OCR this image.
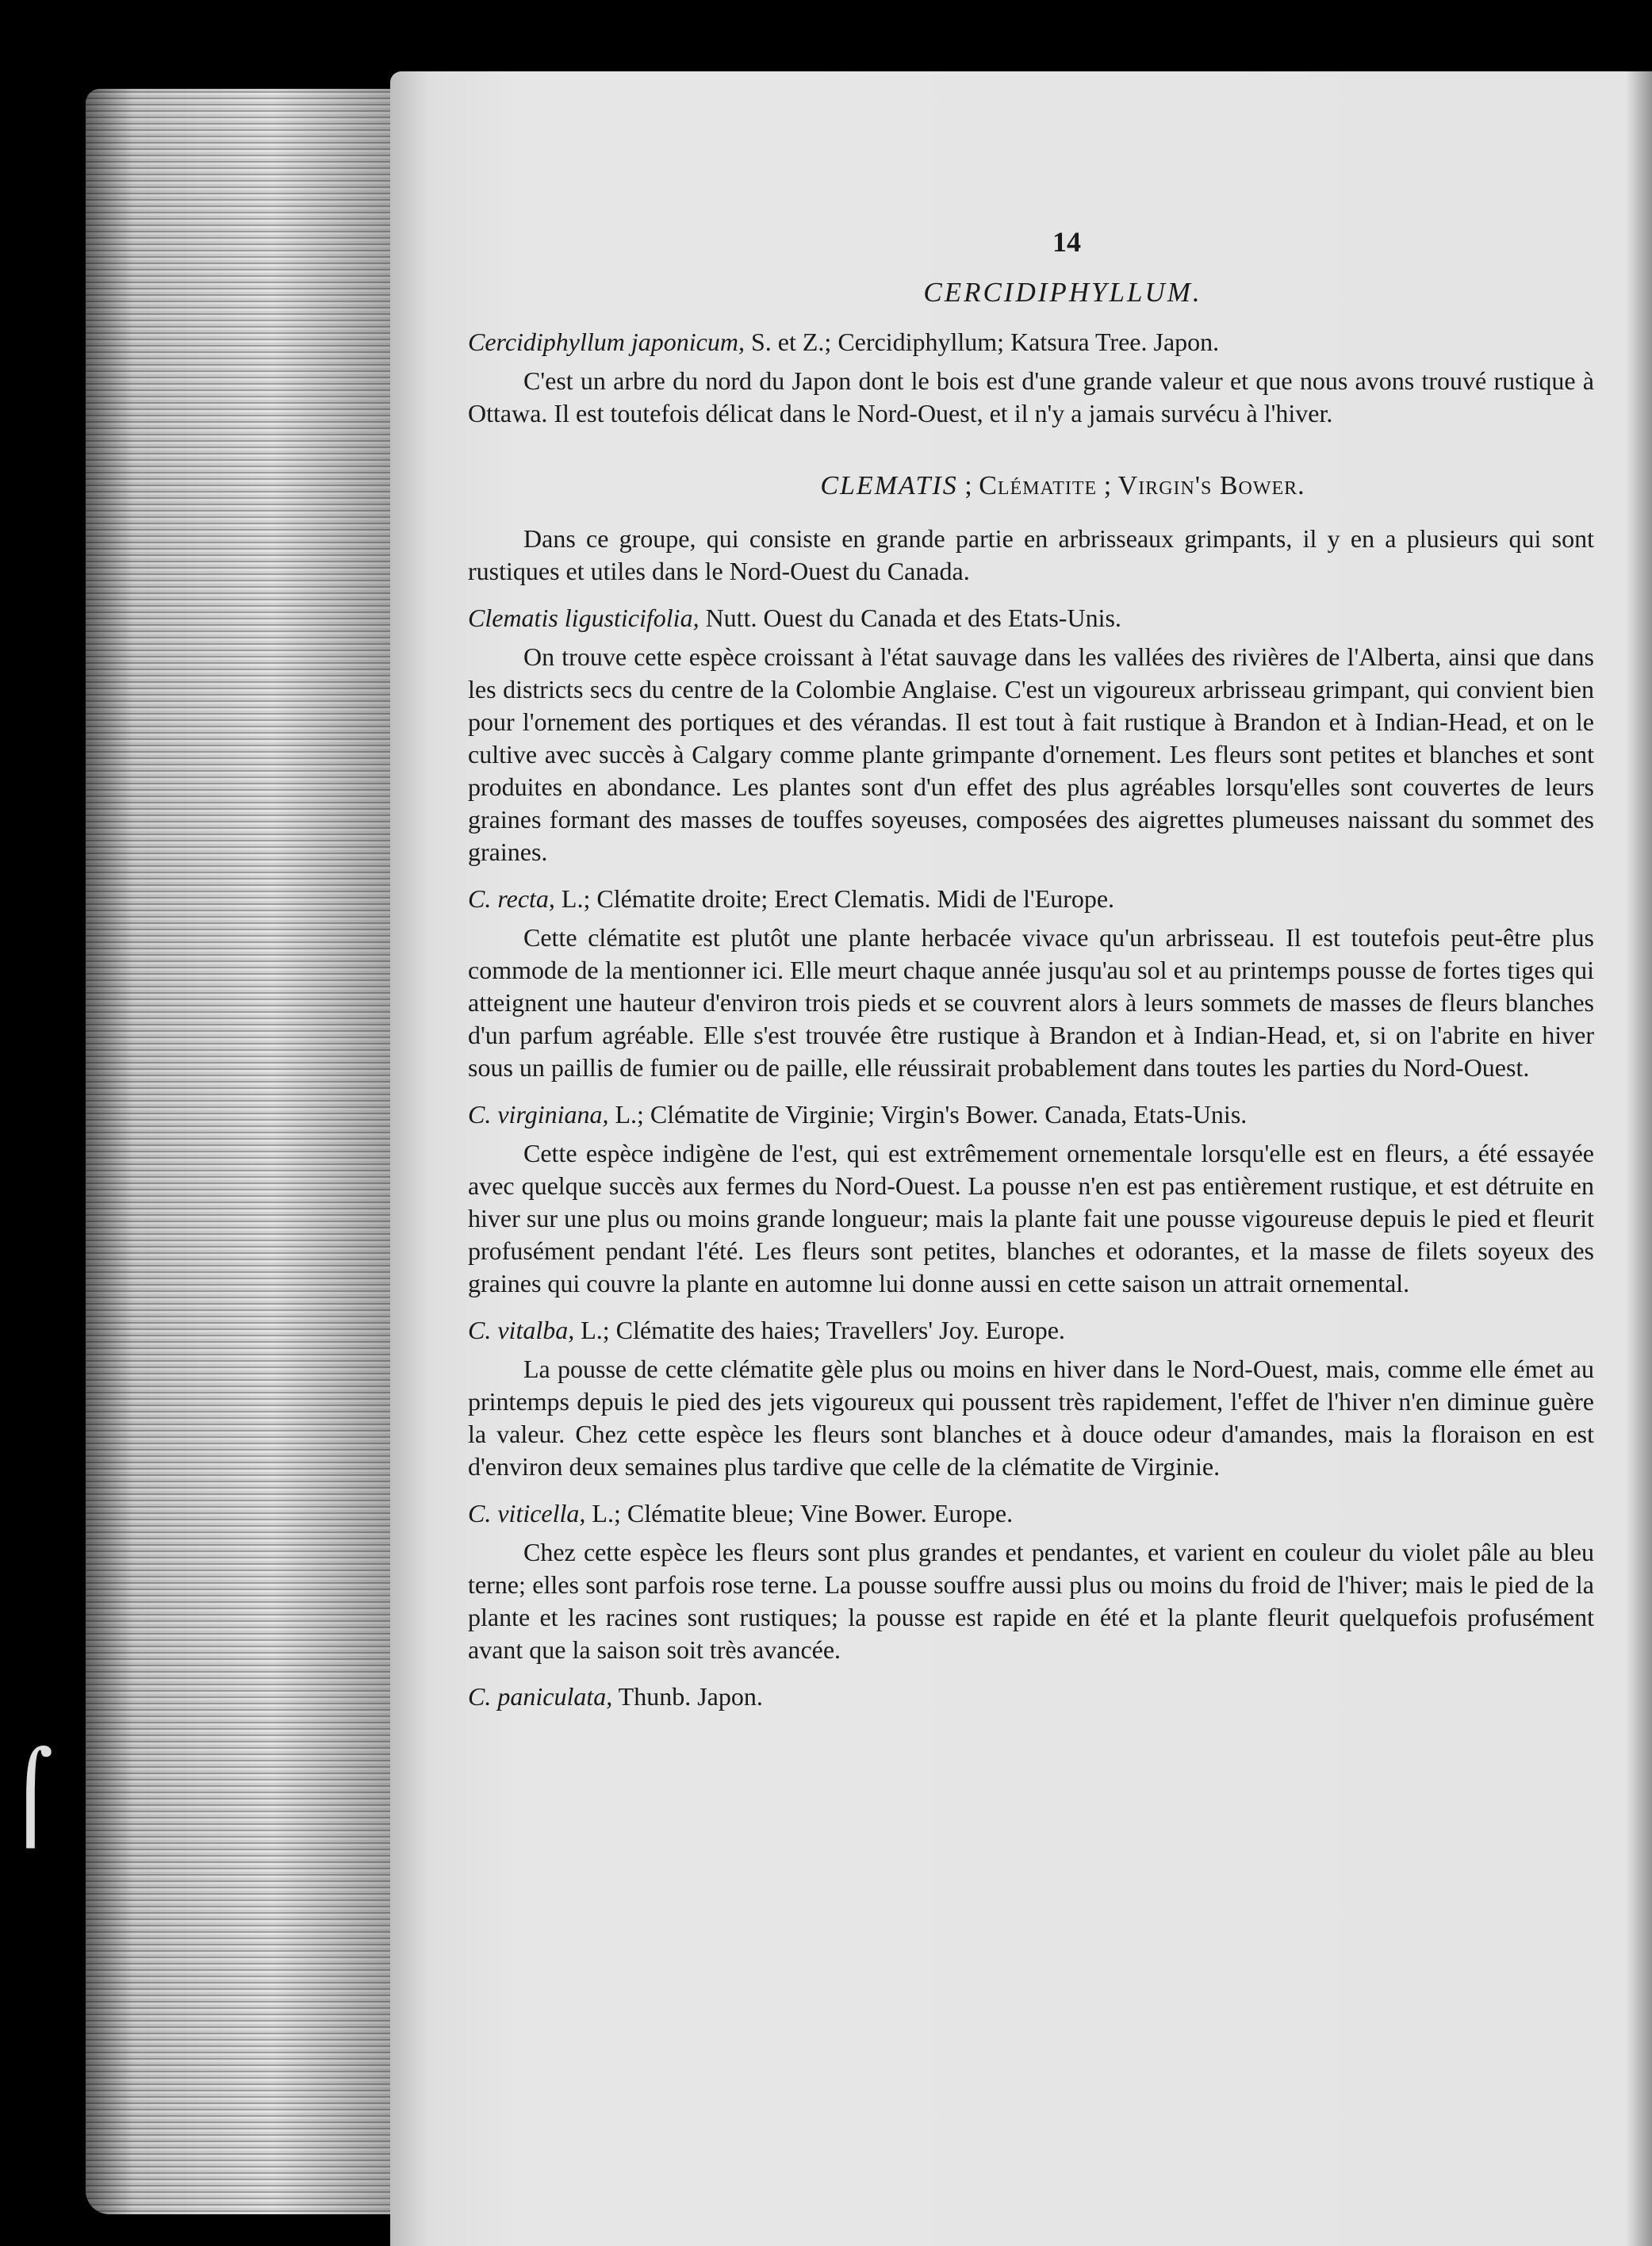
⌠
14
CERCIDIPHYLLUM.
Cercidiphyllum japonicum, S. et Z.; Cercidiphyllum; Katsura Tree. Japon.

C'est un arbre du nord du Japon dont le bois est d'une grande valeur et que nous avons trouvé rustique à Ottawa. Il est toutefois délicat dans le Nord-Ouest, et il n'y a jamais survécu à l'hiver.

CLEMATIS ; Clématite ; Virgin's Bower.

Dans ce groupe, qui consiste en grande partie en arbrisseaux grimpants, il y en a plusieurs qui sont rustiques et utiles dans le Nord-Ouest du Canada.

Clematis ligusticifolia, Nutt. Ouest du Canada et des Etats-Unis.

On trouve cette espèce croissant à l'état sauvage dans les vallées des rivières de l'Alberta, ainsi que dans les districts secs du centre de la Colombie Anglaise. C'est un vigoureux arbrisseau grimpant, qui convient bien pour l'ornement des portiques et des vérandas. Il est tout à fait rustique à Brandon et à Indian-Head, et on le cultive avec succès à Calgary comme plante grimpante d'ornement. Les fleurs sont petites et blanches et sont produites en abondance. Les plantes sont d'un effet des plus agréables lorsqu'elles sont couvertes de leurs graines formant des masses de touffes soyeuses, composées des aigrettes plumeuses naissant du sommet des graines.

C. recta, L.; Clématite droite; Erect Clematis. Midi de l'Europe.

Cette clématite est plutôt une plante herbacée vivace qu'un arbrisseau. Il est toutefois peut-être plus commode de la mentionner ici. Elle meurt chaque année jusqu'au sol et au printemps pousse de fortes tiges qui atteignent une hauteur d'environ trois pieds et se couvrent alors à leurs sommets de masses de fleurs blanches d'un parfum agréable. Elle s'est trouvée être rustique à Brandon et à Indian-Head, et, si on l'abrite en hiver sous un paillis de fumier ou de paille, elle réussirait probablement dans toutes les parties du Nord-Ouest.

C. virginiana, L.; Clématite de Virginie; Virgin's Bower. Canada, Etats-Unis.

Cette espèce indigène de l'est, qui est extrêmement ornementale lorsqu'elle est en fleurs, a été essayée avec quelque succès aux fermes du Nord-Ouest. La pousse n'en est pas entièrement rustique, et est détruite en hiver sur une plus ou moins grande longueur; mais la plante fait une pousse vigoureuse depuis le pied et fleurit profusément pendant l'été. Les fleurs sont petites, blanches et odorantes, et la masse de filets soyeux des graines qui couvre la plante en automne lui donne aussi en cette saison un attrait ornemental.

C. vitalba, L.; Clématite des haies; Travellers' Joy. Europe.

La pousse de cette clématite gèle plus ou moins en hiver dans le Nord-Ouest, mais, comme elle émet au printemps depuis le pied des jets vigoureux qui poussent très rapidement, l'effet de l'hiver n'en diminue guère la valeur. Chez cette espèce les fleurs sont blanches et à douce odeur d'amandes, mais la floraison en est d'environ deux semaines plus tardive que celle de la clématite de Virginie.

C. viticella, L.; Clématite bleue; Vine Bower. Europe.

Chez cette espèce les fleurs sont plus grandes et pendantes, et varient en couleur du violet pâle au bleu terne; elles sont parfois rose terne. La pousse souffre aussi plus ou moins du froid de l'hiver; mais le pied de la plante et les racines sont rustiques; la pousse est rapide en été et la plante fleurit quelquefois profusément avant que la saison soit très avancée.

C. paniculata, Thunb. Japon.
